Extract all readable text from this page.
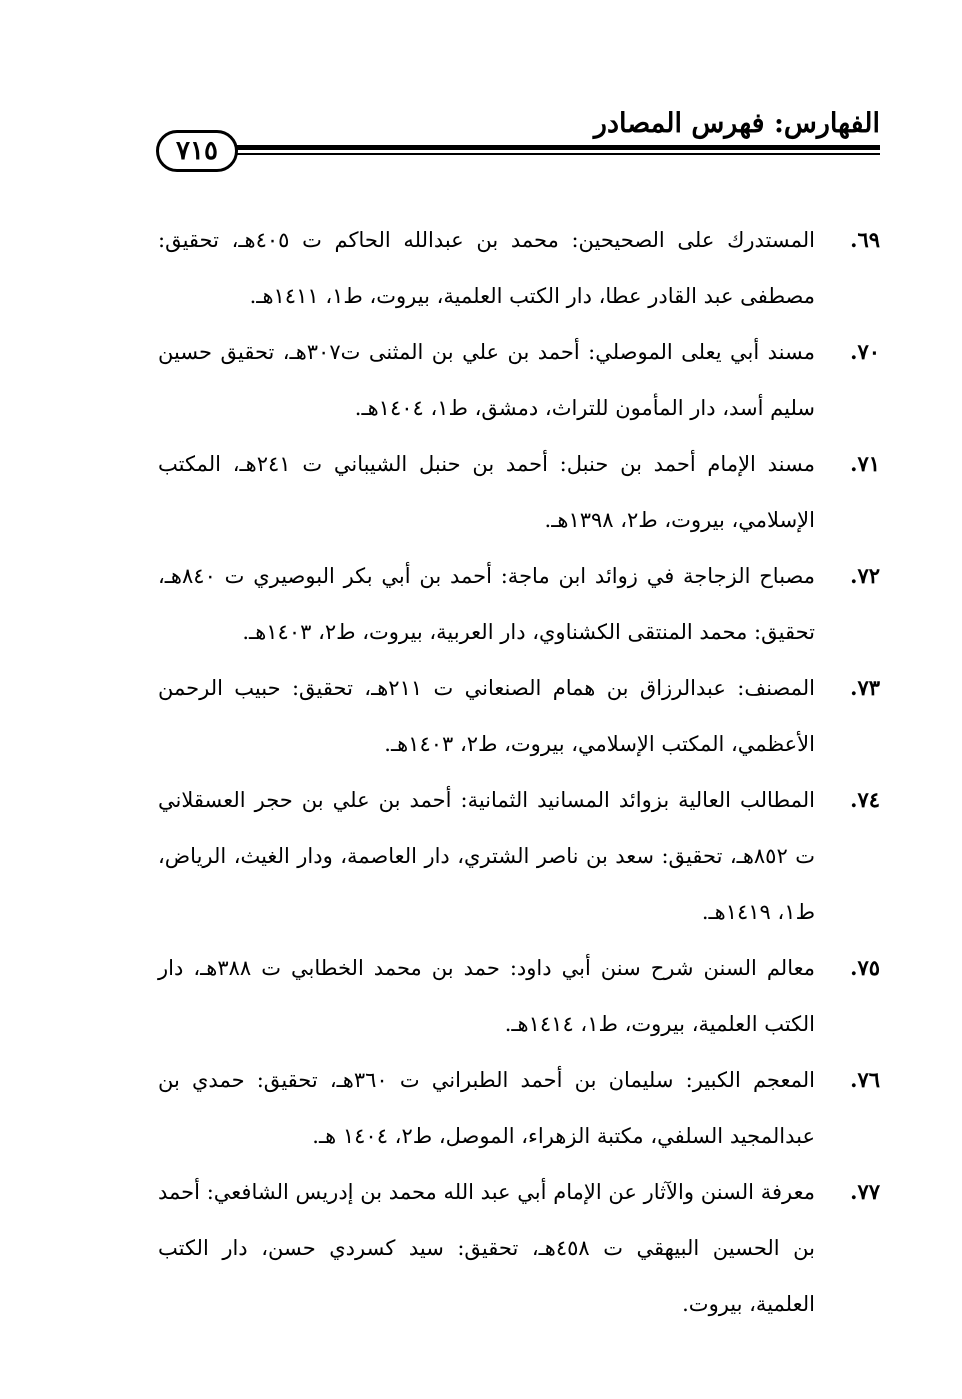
الفهارس: فهرس المصادر
٧١٥
٦٩.
المستدرك على الصحيحين: محمد بن عبدالله الحاكم ت ٤٠٥هـ، تحقيق: مصطفى عبد القادر عطا، دار الكتب العلمية، بيروت، ط١، ١٤١١هـ.
٧٠.
مسند أبي يعلى الموصلي: أحمد بن علي بن المثنى ت٣٠٧هـ، تحقيق حسين سليم أسد، دار المأمون للتراث، دمشق، ط١، ١٤٠٤هـ.
٧١.
مسند الإمام أحمد بن حنبل: أحمد بن حنبل الشيباني ت ٢٤١هـ، المكتب الإسلامي، بيروت، ط٢، ١٣٩٨هـ.
٧٢.
مصباح الزجاجة في زوائد ابن ماجة: أحمد بن أبي بكر البوصيري ت ٨٤٠هـ، تحقيق: محمد المنتقى الكشناوي، دار العربية، بيروت، ط٢، ١٤٠٣هـ.
٧٣.
المصنف: عبدالرزاق بن همام الصنعاني ت ٢١١هـ، تحقيق: حبيب الرحمن الأعظمي، المكتب الإسلامي، بيروت، ط٢، ١٤٠٣هـ.
٧٤.
المطالب العالية بزوائد المسانيد الثمانية: أحمد بن علي بن حجر العسقلاني ت ٨٥٢هـ، تحقيق: سعد بن ناصر الشتري، دار العاصمة، ودار الغيث، الرياض، ط١، ١٤١٩هـ.
٧٥.
معالم السنن شرح سنن أبي داود: حمد بن محمد الخطابي ت ٣٨٨هـ، دار الكتب العلمية، بيروت، ط١، ١٤١٤هـ.
٧٦.
المعجم الكبير: سليمان بن أحمد الطبراني ت ٣٦٠هـ، تحقيق: حمدي بن عبدالمجيد السلفي، مكتبة الزهراء، الموصل، ط٢، ١٤٠٤ هـ.
٧٧.
معرفة السنن والآثار عن الإمام أبي عبد الله محمد بن إدريس الشافعي: أحمد بن الحسين البيهقي ت ٤٥٨هـ، تحقيق: سيد كسردي حسن، دار الكتب العلمية، بيروت.
